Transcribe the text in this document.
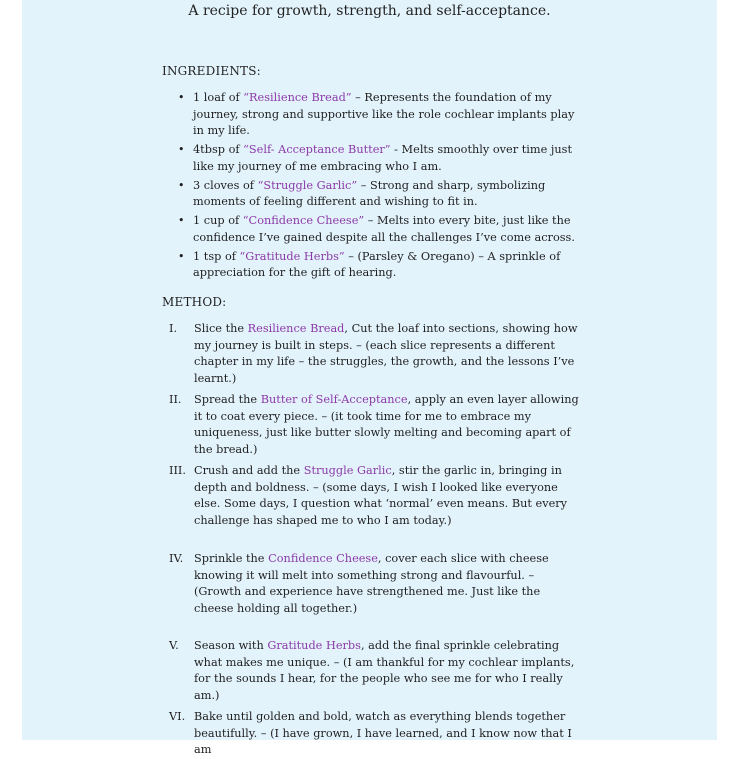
A recipe for growth, strength, and self-acceptance.
INGREDIENTS:
• 1 loaf of “Resilience Bread” – Represents the foundation of my journey, strong and supportive like the role cochlear implants play in my life.
• 4tbsp of “Self- Acceptance Butter” - Melts smoothly over time just like my journey of me embracing who I am.
• 3 cloves of “Struggle Garlic” – Strong and sharp, symbolizing moments of feeling different and wishing to fit in.
• 1 cup of “Confidence Cheese” – Melts into every bite, just like the confidence I’ve gained despite all the challenges I’ve come across.
• 1 tsp of “Gratitude Herbs” – (Parsley & Oregano) – A sprinkle of appreciation for the gift of hearing.
METHOD:
I.	Slice the Resilience Bread, Cut the loaf into sections, showing how my journey is built in steps. – (each slice represents a different chapter in my life – the struggles, the growth, and the lessons I’ve learnt.)
II.	Spread the Butter of Self-Acceptance, apply an even layer allowing it to coat every piece. – (it took time for me to embrace my uniqueness, just like butter slowly melting and becoming apart of the bread.)
III. Crush and add the Struggle Garlic, stir the garlic in, bringing in depth and boldness. – (some days, I wish I looked like everyone else. Some days, I question what ‘normal’ even means. But every challenge has shaped me to who I am today.)
IV. Sprinkle the Confidence Cheese, cover each slice with cheese knowing it will melt into something strong and flavourful. – (Growth and experience have strengthened me. Just like the cheese holding all together.)
V.	Season with Gratitude Herbs, add the final sprinkle celebrating what makes me unique. – (I am thankful for my cochlear implants, for the sounds I hear, for the people who see me for who I really am.)
VI. Bake until golden and bold, watch as everything blends together beautifully. – (I have grown, I have learned, and I know now that I am
